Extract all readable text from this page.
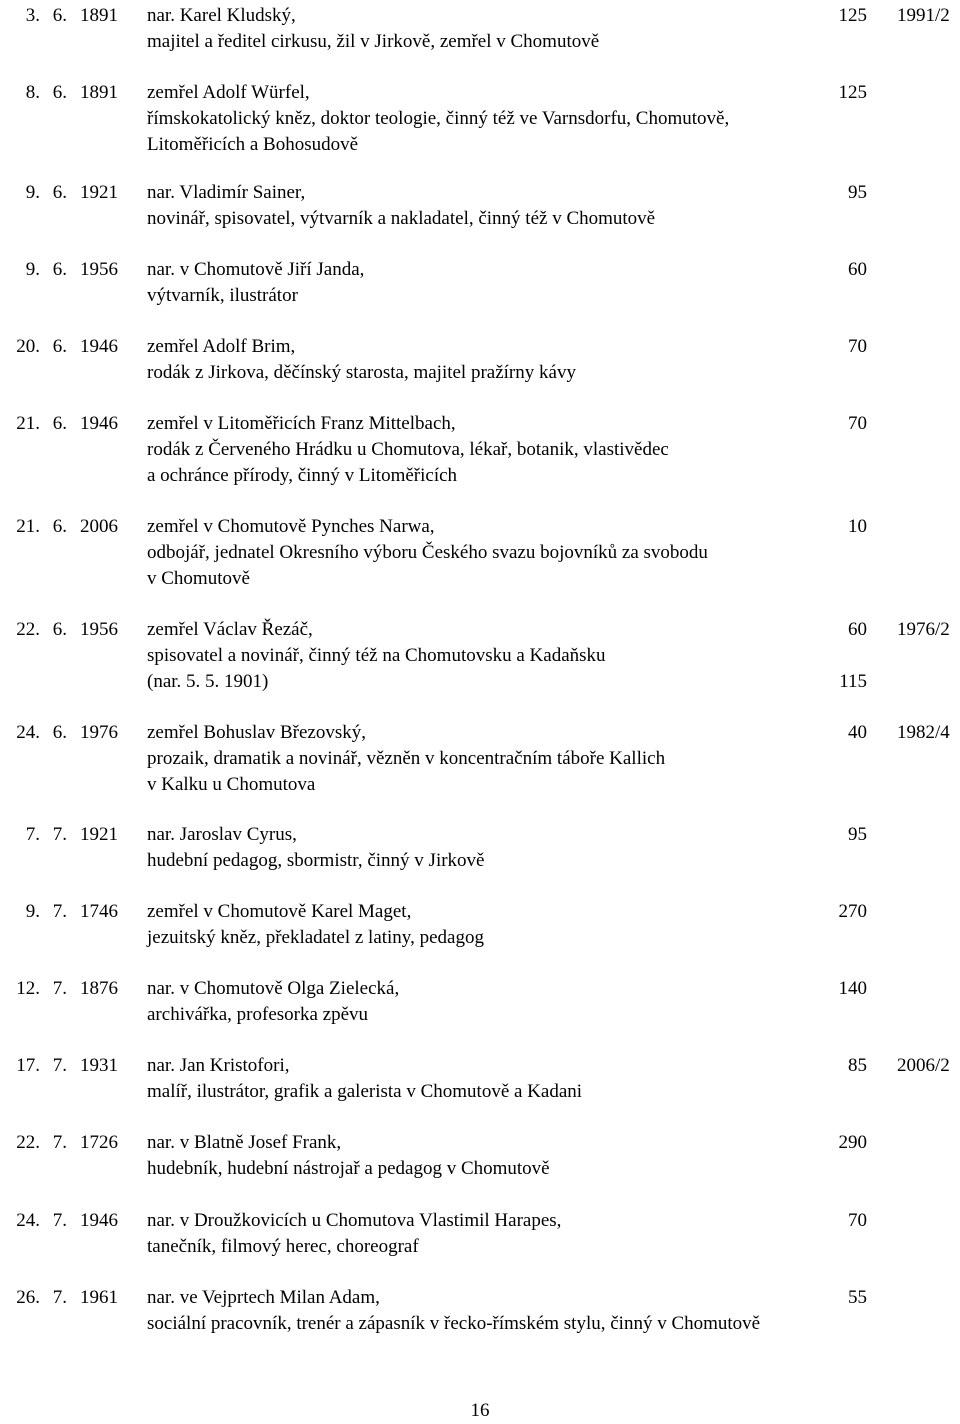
3. 6. 1891 nar. Karel Kludský,	125 1991/2
majitel a ředitel cirkusu, žil v Jirkově, zemřel v Chomutově
8. 6. 1891 zemřel Adolf Würfel,	125
římskokatolický kněz, doktor teologie, činný též ve Varnsdorfu, Chomutově,
Litoměřicích a Bohosudově
9. 6. 1921 nar. Vladimír Sainer,	95
novinář, spisovatel, výtvarník a nakladatel, činný též v Chomutově
9. 6. 1956 nar. v Chomutově Jiří Janda,	60
výtvarník, ilustrátor
20. 6. 1946 zemřel Adolf Brim,	70
rodák z Jirkova, děčínský starosta, majitel pražírny kávy
21. 6. 1946 zemřel v Litoměřicích Franz Mittelbach,	70
rodák z Červeného Hrádku u Chomutova, lékař, botanik, vlastivědec
a ochránce přírody, činný v Litoměřicích
21. 6. 2006 zemřel v Chomutově Pynches Narwa,	10
odbojář, jednatel Okresního výboru Českého svazu bojovníků za svobodu
v Chomutově
22. 6. 1956 zemřel Václav Řezáč,	60 1976/2
spisovatel a novinář, činný též na Chomutovsku a Kadaňsku
(nar. 5. 5. 1901)	115
24. 6. 1976 zemřel Bohuslav Březovský,	40 1982/4
prozaik, dramatik a novinář, vězněn v koncentračním táboře Kallich
v Kalku u Chomutova
7. 7. 1921 nar. Jaroslav Cyrus,	95
hudební pedagog, sbormistr, činný v Jirkově
9. 7. 1746 zemřel v Chomutově Karel Maget,	270
jezuitský kněz, překladatel z latiny, pedagog
12. 7. 1876 nar. v Chomutově Olga Zielecká,	140
archivářka, profesorka zpěvu
17. 7. 1931 nar. Jan Kristofori,	85 2006/2
malíř, ilustrátor, grafik a galerista v Chomutově a Kadani
22. 7. 1726 nar. v Blatně Josef Frank,	290
hudebník, hudební nástrojař a pedagog v Chomutově
24. 7. 1946 nar. v Droužkovicích u Chomutova Vlastimil Harapes,	70
tanečník, filmový herec, choreograf
26. 7. 1961 nar. ve Vejprtech Milan Adam,	55
sociální pracovník, trenér a zápasník v řecko-římském stylu, činný v Chomutově
16
